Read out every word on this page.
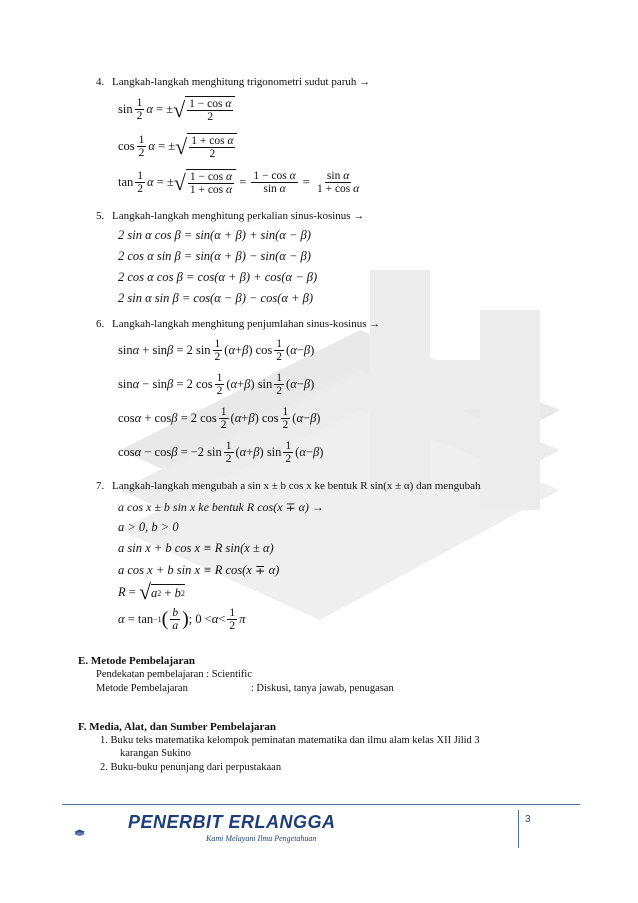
4. Langkah-langkah menghitung trigonometri sudut paruh →
$\sin \frac{1}{2}$ α = ± √ $\frac{\text{1 − cos α}}{2}$
$\cos \frac{1}{2}$ α = ± √ $\frac{\text{1 + cos α}}{2}$
$\tan \frac{1}{2}$ α = ± √ $\frac{\text{1 − cos α}}{\text{1 + cos α}} = \frac{\text{1 − cos α}}{\text{sin α}} = \frac{\text{sin α}}{\text{1 + cos α}}$
5. Langkah-langkah menghitung perkalian sinus-kosinus →
2 sin α cos β = sin(α + β) + sin(α − β)
2 cos α sin β = sin(α + β) − sin(α − β)
2 cos α cos β = cos(α + β) + cos(α − β)
2 sin α sin β = cos(α − β) − cos(α + β)
6. Langkah-langkah menghitung penjumlahan sinus-kosinus →
sin α + sin β = 2 $\sin \frac{1}{2}$ ( α + β ) $\cos \frac{1}{2}$ ( α − β )
sin α − sin β = 2 $\cos \frac{1}{2}$ ( α + β ) $\sin \frac{1}{2}$ ( α − β )
cos α + cos β = 2 $\cos \frac{1}{2}$ ( α + β ) $\cos \frac{1}{2}$ ( α − β )
cos α − cos β = −2 $\sin \frac{1}{2}$ ( α + β ) $\sin \frac{1}{2}$ ( α − β )
7. Langkah-langkah mengubah a sin x ± b cos x ke bentuk R sin(x ± α) dan mengubah
a cos x ± b sin x ke bentuk R cos(x ∓ α) →
a > 0, b > 0
a sin x + b cos x ≡ R sin(x ± α)
a cos x + b sin x ≡ R cos(x ∓ α)
R = √ a 2 + b 2
α = tan −1 ( $\frac{b}{a}$ ) ; $0 < \alpha < \frac{1}{2}$ π
E. Metode Pembelajaran
Pendekatan pembelajaran : Scientific
Metode Pembelajaran                        : Diskusi, tanya jawab, penugasan
F. Media, Alat, dan Sumber Pembelajaran
1. Buku teks matematika kelompok peminatan matematika dan ilmu alam kelas XII Jilid 3
karangan Sukino
2. Buku-buku penunjang dari perpustakaan
3
PENERBIT ERLANGGA
Kami Melayani Ilmu Pengetahuan
